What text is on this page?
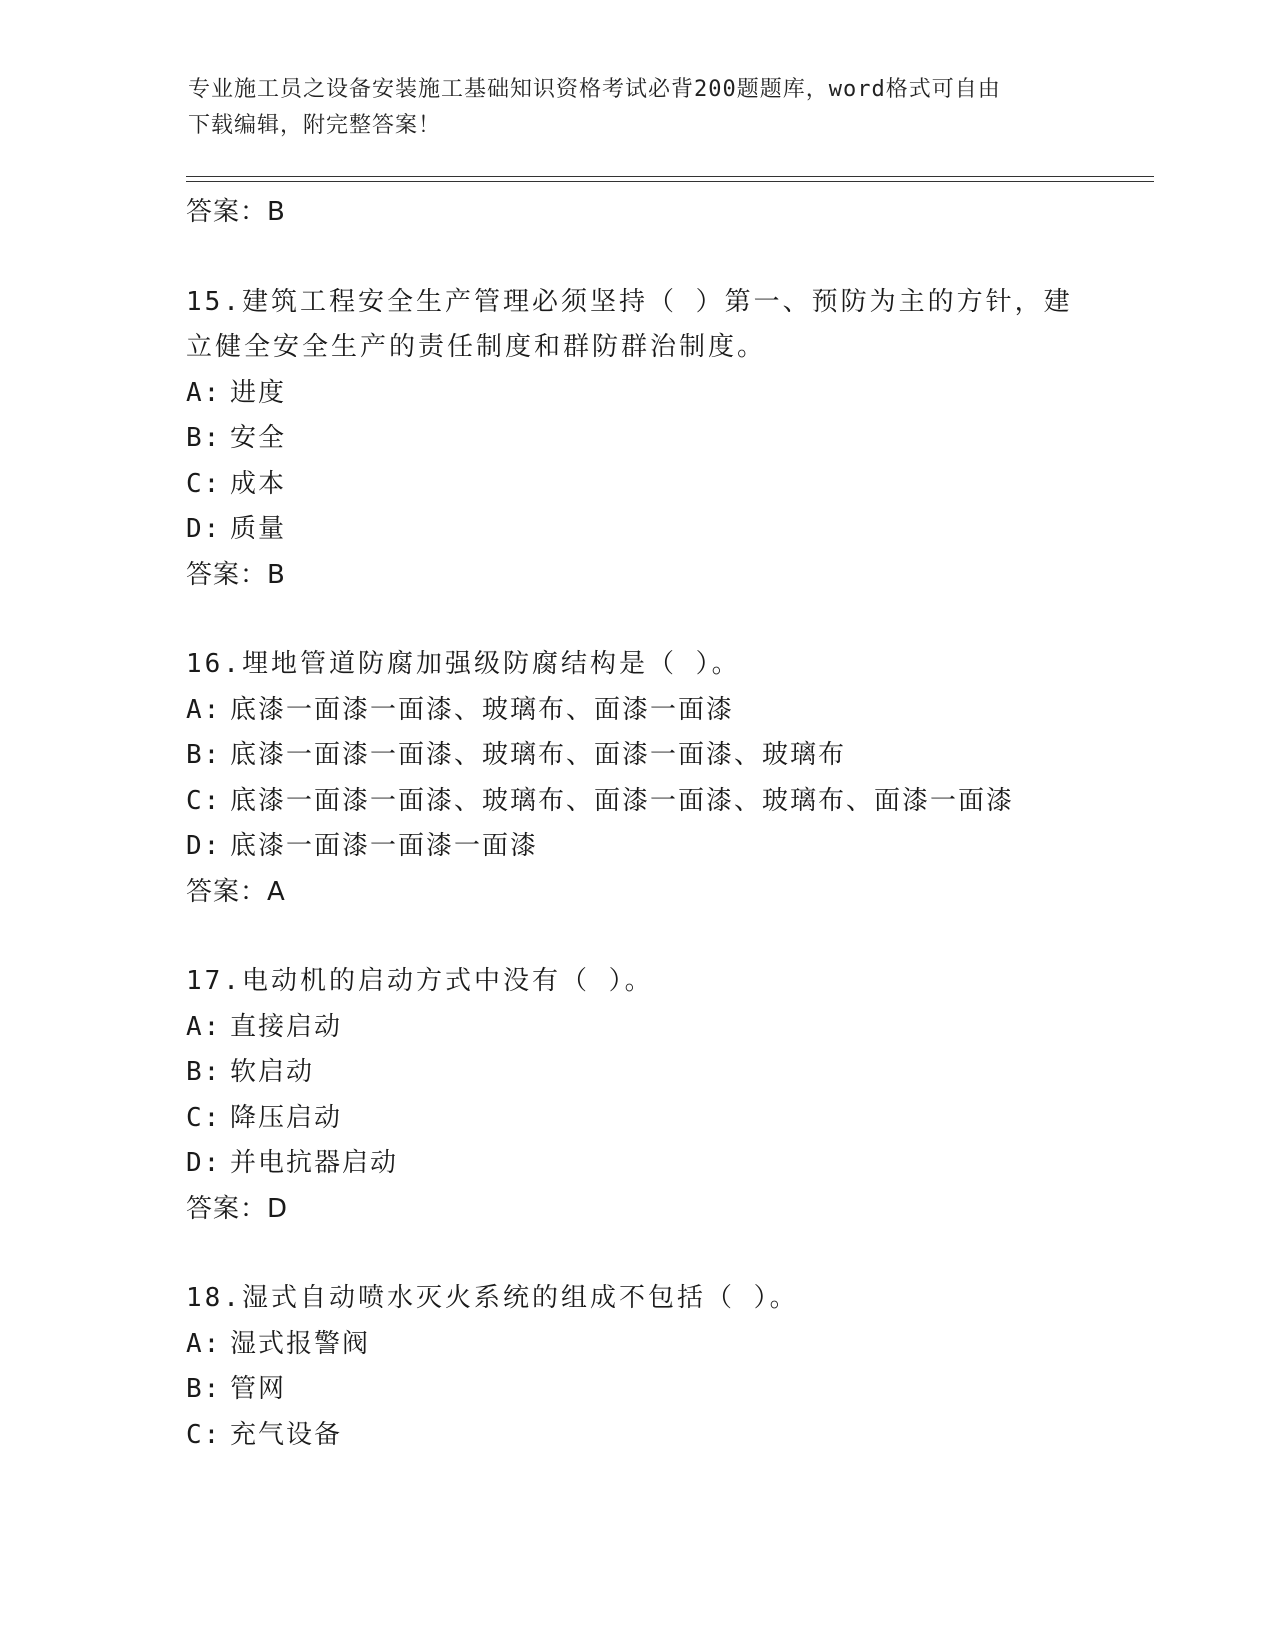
专业施工员之设备安装施工基础知识资格考试必背200题题库，word格式可自由
下载编辑，附完整答案！
答案：B
15.建筑工程安全生产管理必须坚持（ ）第一、预防为主的方针，建
立健全安全生产的责任制度和群防群治制度。
A: 进度
B: 安全
C: 成本
D: 质量
答案：B
16.埋地管道防腐加强级防腐结构是（ ）。
A: 底漆一面漆一面漆、玻璃布、面漆一面漆
B: 底漆一面漆一面漆、玻璃布、面漆一面漆、玻璃布
C: 底漆一面漆一面漆、玻璃布、面漆一面漆、玻璃布、面漆一面漆
D: 底漆一面漆一面漆一面漆
答案：A
17.电动机的启动方式中没有（ ）。
A: 直接启动
B: 软启动
C: 降压启动
D: 并电抗器启动
答案：D
18.湿式自动喷水灭火系统的组成不包括（ ）。
A: 湿式报警阀
B: 管网
C: 充气设备
